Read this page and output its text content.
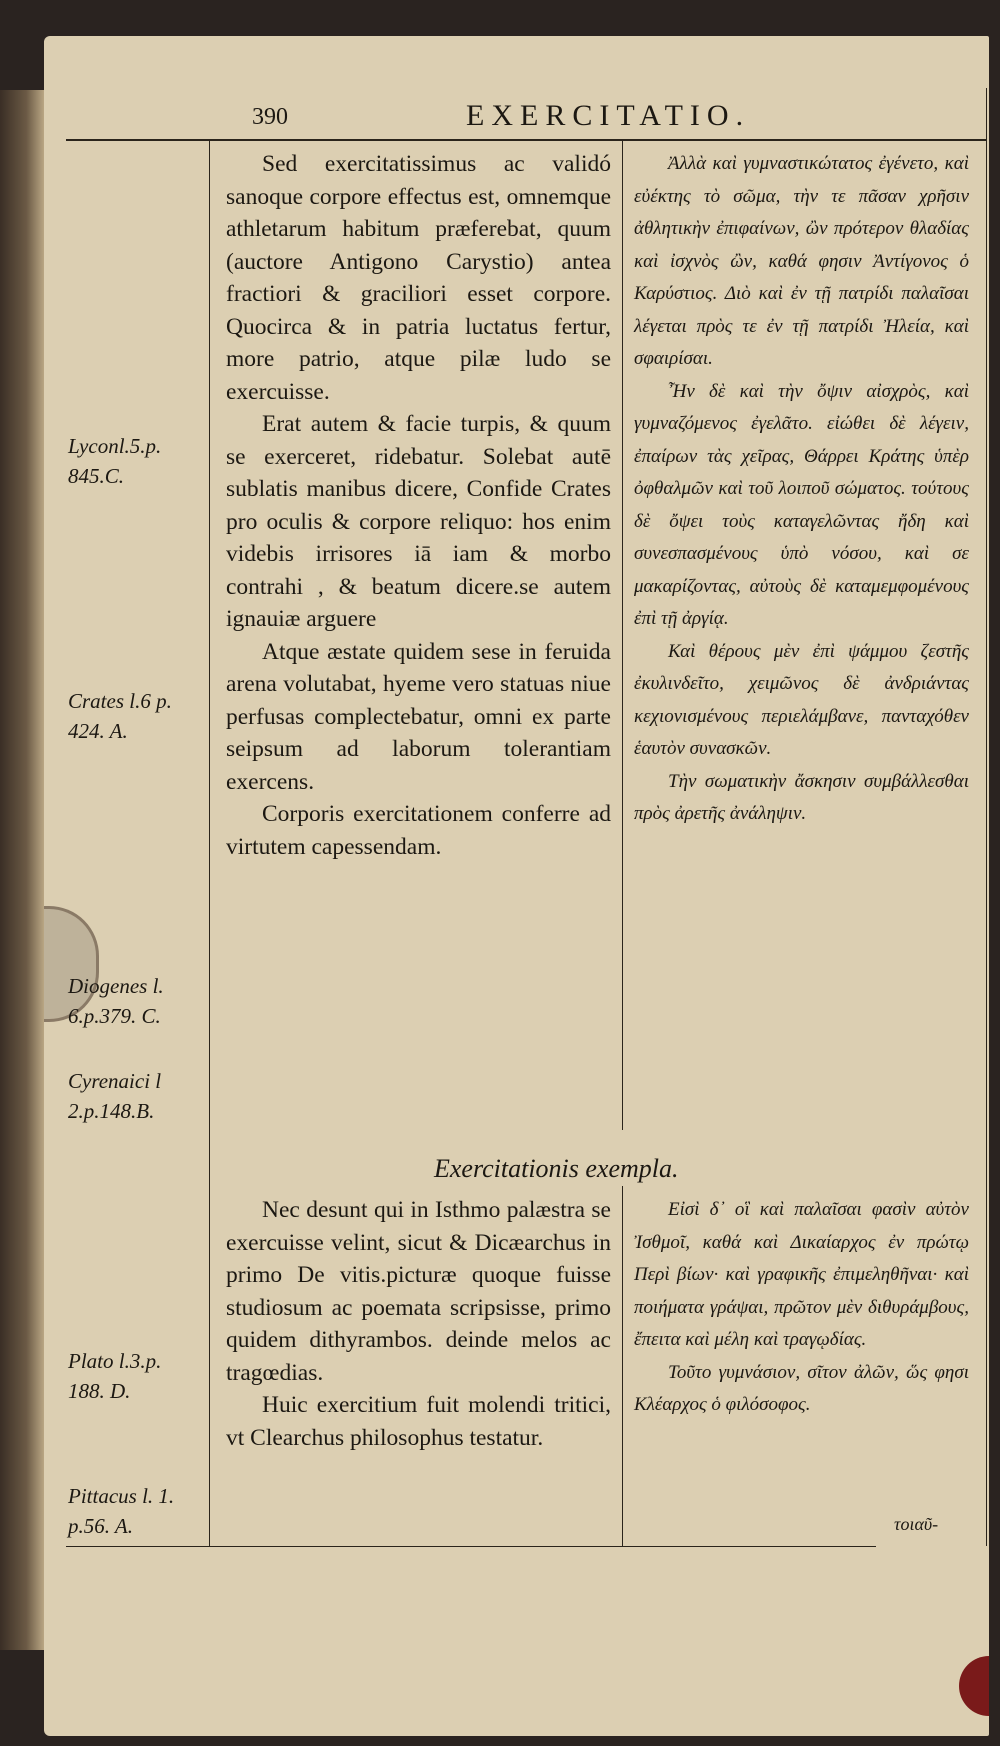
390	EXERCITATIO.
Lyconl.5.p. 845.C.
Crates l.6 p. 424. A.
Diogenes l. 6.p.379. C.
Cyrenaici l 2.p.148.B.
Plato l.3.p. 188. D.
Pittacus l. 1. p.56. A.

Sed exercitatissimus ac validó sanoque corpore effectus est, omnemque athletarum habitum præferebat, quum (auctore Antigono Carystio) antea fractiori & graciliori esset corpore. Quocirca & in patria luctatus fertur, more patrio, atque pilæ ludo se exercuisse.

Erat autem & facie turpis, & quum se exerceret, ridebatur. Solebat autē sublatis manibus dicere, Confide Crates pro oculis & corpore reliquo: hos enim videbis irrisores iā iam & morbo contrahi , & beatum dicere.se autem ignauiæ arguere

Atque æstate quidem sese in feruida arena volutabat, hyeme vero statuas niue perfusas complectebatur, omni ex parte seipsum ad laborum tolerantiam exercens.

Corporis exercitationem conferre ad virtutem capessendam.

Ἀλλὰ καὶ γυμναστικώτατος ἐγένετο, καὶ εὐέκτης τὸ σῶμα, τὴν τε πᾶσαν χρῆσιν ἀθλητικὴν ἐπιφαίνων, ὢν πρότερον θλαδίας καὶ ἰσχνὸς ὢν, καθά φησιν Ἀντίγονος ὁ Καρύστιος. Διὸ καὶ ἐν τῇ πατρίδι παλαῖσαι λέγεται πρὸς τε ἐν τῇ πατρίδι Ἠλεία, καὶ σφαιρίσαι.

Ἦν δὲ καὶ τὴν ὄψιν αἰσχρὸς, καὶ γυμναζόμενος ἐγελᾶτο. εἰώθει δὲ λέγειν, ἐπαίρων τὰς χεῖρας, Θάρρει Κράτης ὑπὲρ ὀφθαλμῶν καὶ τοῦ λοιποῦ σώματος. τούτους δὲ ὄψει τοὺς καταγελῶντας ἤδη καὶ συνεσπασμένους ὑπὸ νόσου, καὶ σε μακαρίζοντας, αὐτοὺς δὲ καταμεμφομένους ἐπὶ τῇ ἀργίᾳ.

Καὶ θέρους μὲν ἐπὶ ψάμμου ζεστῆς ἐκυλινδεῖτο, χειμῶνος δὲ ἀνδριάντας κεχιονισμένους περιελάμβανε, πανταχόθεν ἑαυτὸν συνασκῶν.

Τὴν σωματικὴν ἄσκησιν συμβάλλεσθαι πρὸς ἀρετῆς ἀνάληψιν.

Exercitationis exempla.

Nec desunt qui in Isthmo palæstra se exercuisse velint, sicut & Dicæarchus in primo De vitis.picturæ quoque fuisse studiosum ac poemata scripsisse, primo quidem dithyrambos. deinde melos ac tragœdias.

Huic exercitium fuit molendi tritici, vt Clearchus philosophus testatur.

Εἰσὶ δ᾽ οἳ καὶ παλαῖσαι φασὶν αὐτὸν Ἰσθμοῖ, καθά καὶ Δικαίαρχος ἐν πρώτῳ Περὶ βίων· καὶ γραφικῆς ἐπιμεληθῆναι· καὶ ποιήματα γράψαι, πρῶτον μὲν διθυράμβους, ἔπειτα καὶ μέλη καὶ τραγῳδίας.

Τοῦτο γυμνάσιον, σῖτον ἀλῶν, ὥς φησι Κλέαρχος ὁ φιλόσοφος.

τοιαῦ-
